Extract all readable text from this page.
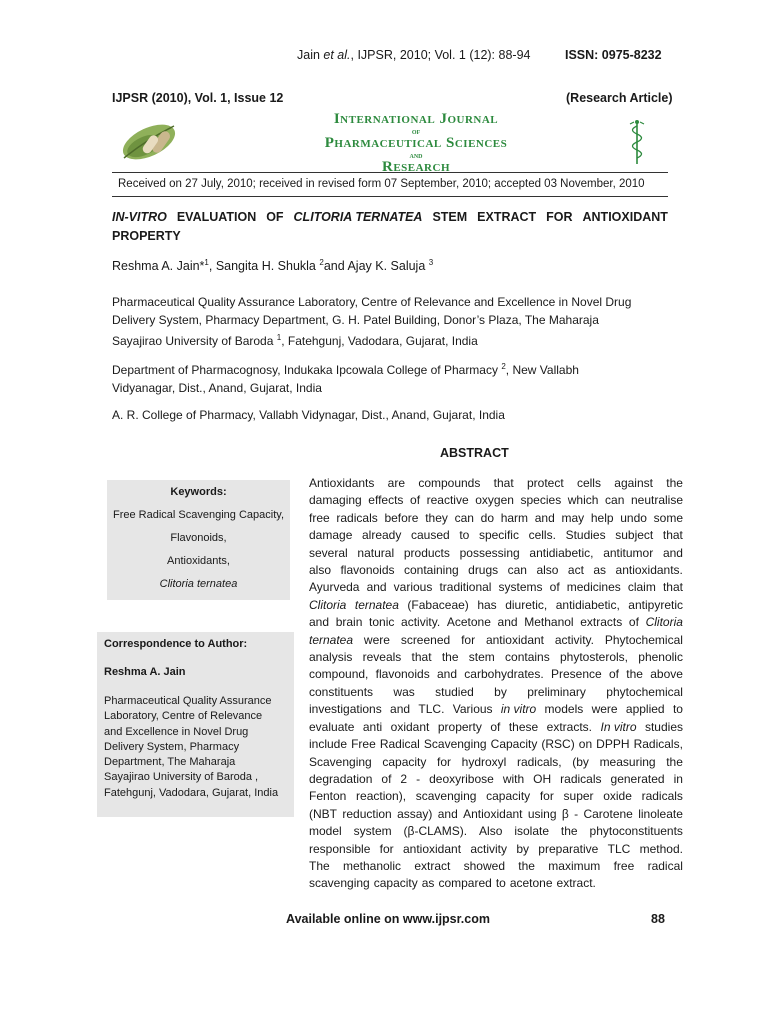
Jain et al., IJPSR, 2010; Vol. 1 (12): 88-94	ISSN: 0975-8232
IJPSR (2010), Vol. 1, Issue 12	(Research Article)
International Journal
of
Pharmaceutical Sciences
and
Research
Received on 27 July, 2010; received in revised form 07 September, 2010; accepted 03 November, 2010
IN-VITRO EVALUATION OF CLITORIA TERNATEA STEM EXTRACT FOR ANTIOXIDANT
PROPERTY
Reshma A. Jain*$^1$, Sangita H. Shukla $^2$and Ajay K. Saluja $^3$
Pharmaceutical Quality Assurance Laboratory, Centre of Relevance and Excellence in Novel Drug
Delivery System, Pharmacy Department, G. H. Patel Building, Donor’s Plaza, The Maharaja
Sayajirao University of Baroda $^1$, Fatehgunj, Vadodara, Gujarat, India
Department of Pharmacognosy, Indukaka Ipcowala College of Pharmacy $^2$, New Vallabh
Vidyanagar, Dist., Anand, Gujarat, India
A. R. College of Pharmacy, Vallabh Vidynagar, Dist., Anand, Gujarat, India
ABSTRACT
Keywords:
Free Radical Scavenging Capacity,
Flavonoids,
Antioxidants,
Clitoria ternatea
Correspondence to Author:
Reshma A. Jain
Pharmaceutical Quality Assurance
Laboratory, Centre of Relevance
and Excellence in Novel Drug
Delivery System, Pharmacy
Department, The Maharaja
Sayajirao University of Baroda ,
Fatehgunj, Vadodara, Gujarat, India
Antioxidants are compounds that protect cells against the
damaging effects of reactive oxygen species which can neutralise
free radicals before they can do harm and may help undo some
damage already caused to specific cells. Studies subject that
several natural products possessing antidiabetic, antitumor and
also flavonoids containing drugs can also act as antioxidants.
Ayurveda and various traditional systems of medicines claim that
Clitoria ternatea (Fabaceae) has diuretic, antidiabetic, antipyretic
and brain tonic activity. Acetone and Methanol extracts of Clitoria
ternatea were screened for antioxidant activity. Phytochemical
analysis reveals that the stem contains phytosterols, phenolic
compound, flavonoids and carbohydrates. Presence of the above
constituents was studied by preliminary phytochemical
investigations and TLC. Various in vitro models were applied to
evaluate anti oxidant property of these extracts. In vitro studies
include Free Radical Scavenging Capacity (RSC) on DPPH Radicals,
Scavenging capacity for hydroxyl radicals, (by measuring the
degradation of 2 - deoxyribose with OH radicals generated in
Fenton reaction), scavenging capacity for super oxide radicals
(NBT reduction assay) and Antioxidant using β - Carotene linoleate
model system (β-CLAMS). Also isolate the phytoconstituents
responsible for antioxidant activity by preparative TLC method.
The methanolic extract showed the maximum free radical
scavenging capacity as compared to acetone extract.
Available online on www.ijpsr.com	88
